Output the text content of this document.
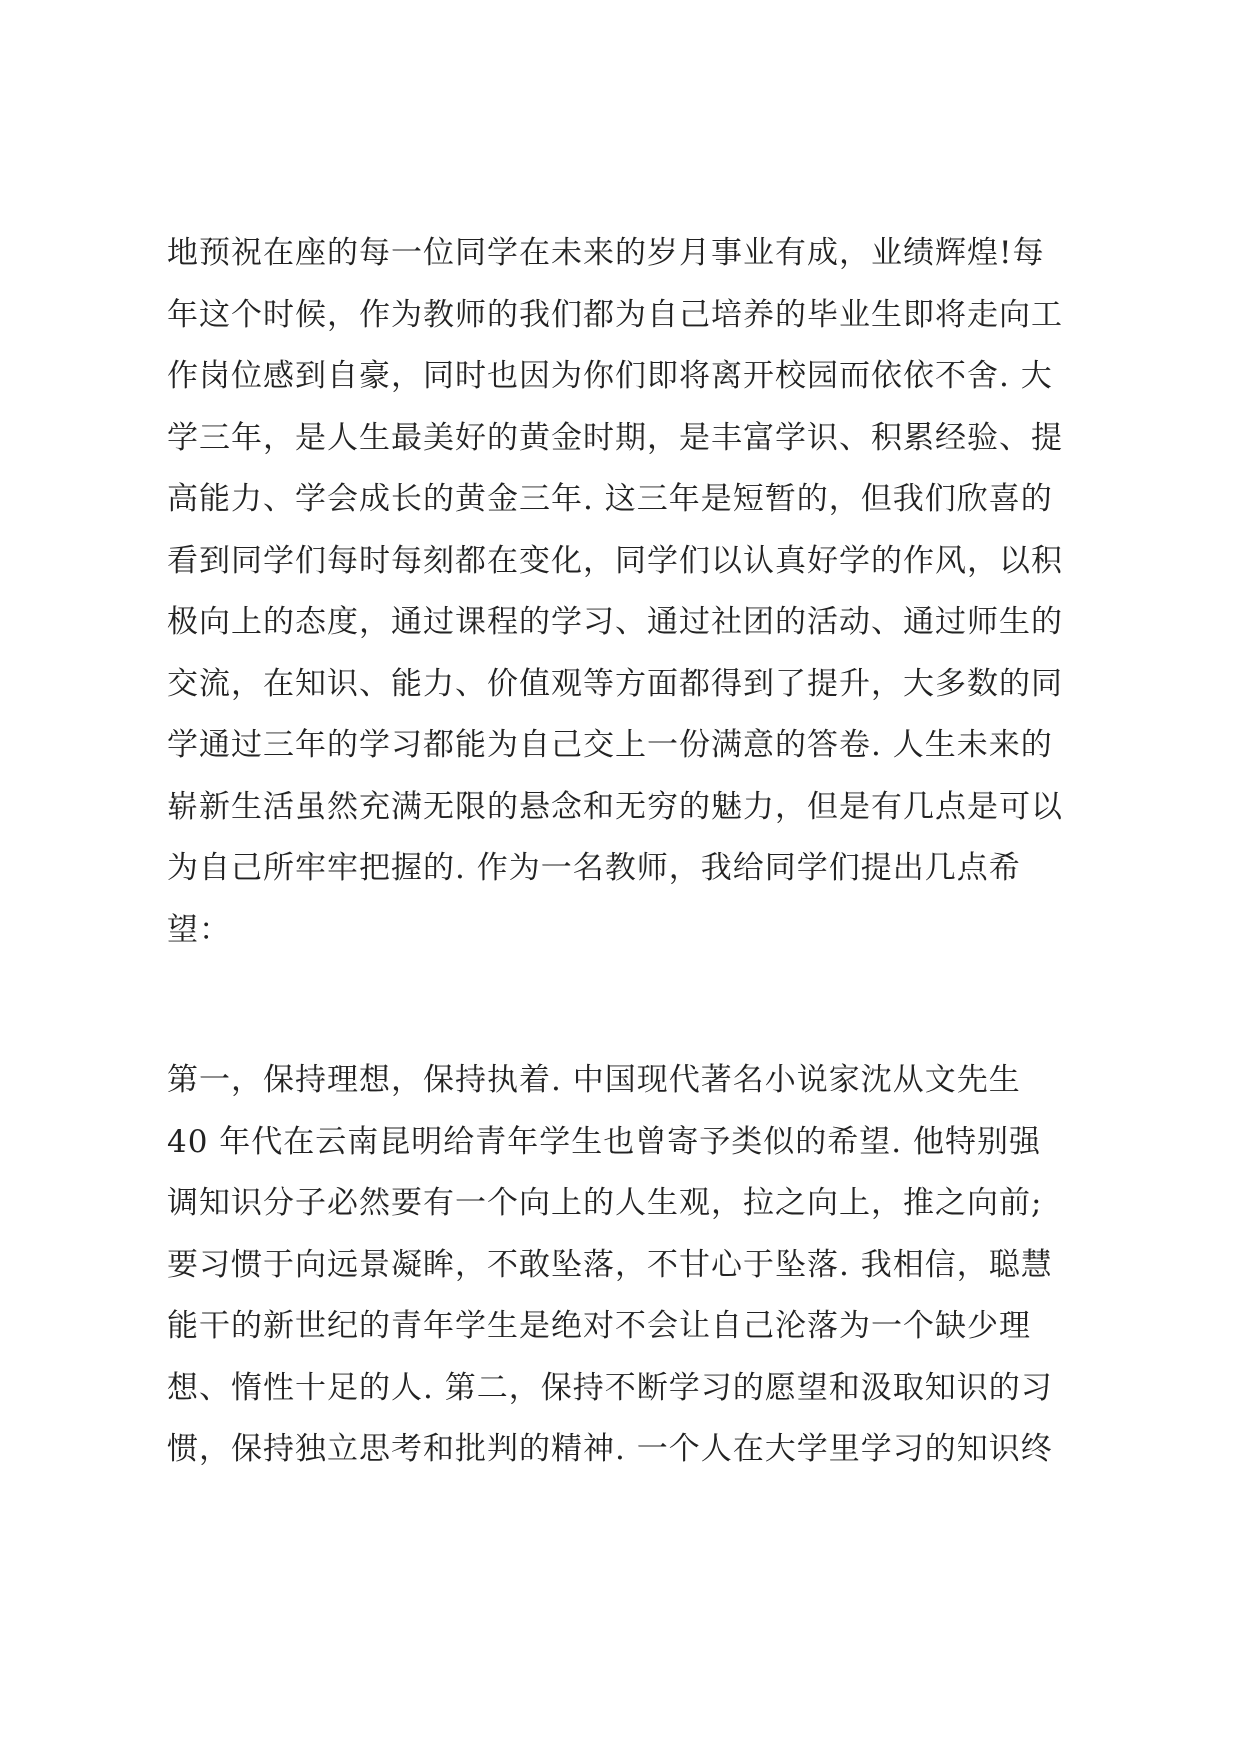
地预祝在座的每一位同学在未来的岁月事业有成，业绩辉煌!每
年这个时候，作为教师的我们都为自己培养的毕业生即将走向工
作岗位感到自豪，同时也因为你们即将离开校园而依依不舍. 大
学三年，是人生最美好的黄金时期，是丰富学识、积累经验、提
高能力、学会成长的黄金三年. 这三年是短暂的，但我们欣喜的
看到同学们每时每刻都在变化，同学们以认真好学的作风，以积
极向上的态度，通过课程的学习、通过社团的活动、通过师生的
交流，在知识、能力、价值观等方面都得到了提升，大多数的同
学通过三年的学习都能为自己交上一份满意的答卷. 人生未来的
崭新生活虽然充满无限的悬念和无穷的魅力，但是有几点是可以
为自己所牢牢把握的. 作为一名教师，我给同学们提出几点希
望：
第一，保持理想，保持执着. 中国现代著名小说家沈从文先生
40 年代在云南昆明给青年学生也曾寄予类似的希望. 他特别强
调知识分子必然要有一个向上的人生观，拉之向上，推之向前;
要习惯于向远景凝眸，不敢坠落，不甘心于坠落. 我相信，聪慧
能干的新世纪的青年学生是绝对不会让自己沦落为一个缺少理
想、惰性十足的人. 第二，保持不断学习的愿望和汲取知识的习
惯，保持独立思考和批判的精神. 一个人在大学里学习的知识终
